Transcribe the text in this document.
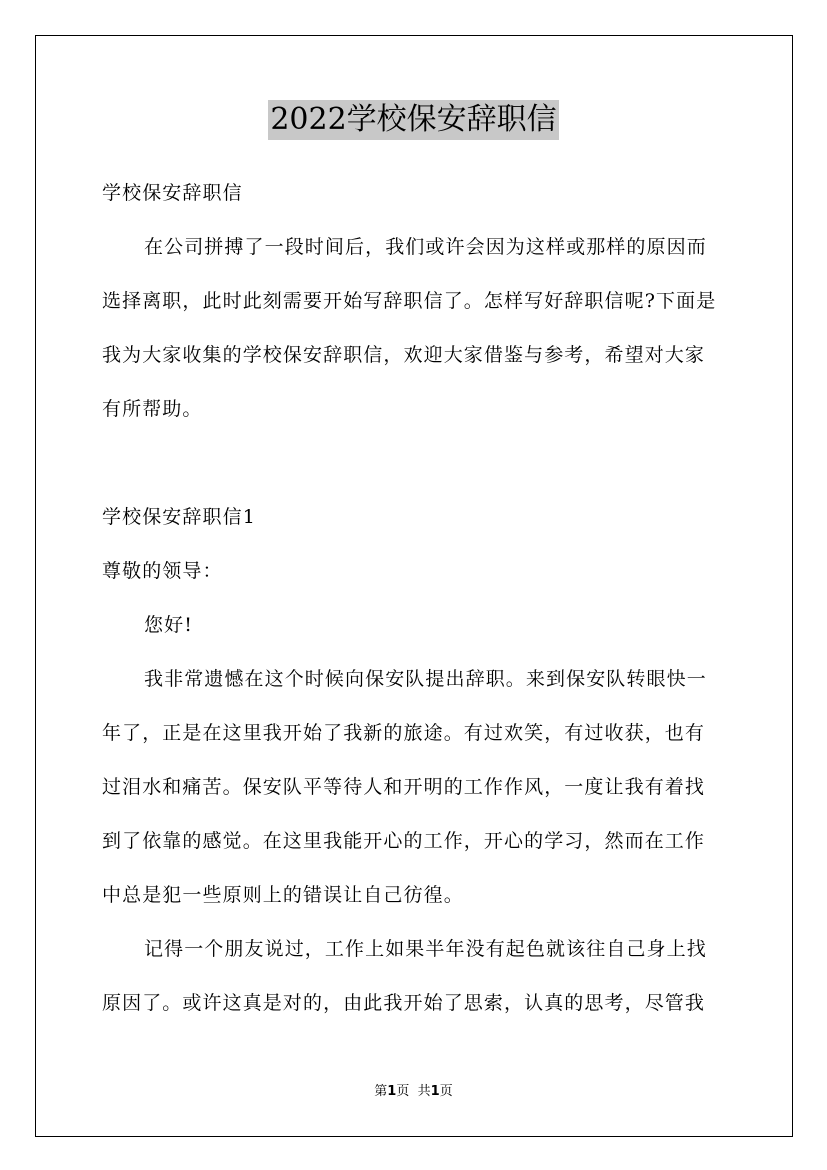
2022学校保安辞职信
学校保安辞职信
在公司拼搏了一段时间后，我们或许会因为这样或那样的原因而
选择离职，此时此刻需要开始写辞职信了。怎样写好辞职信呢?下面是
我为大家收集的学校保安辞职信，欢迎大家借鉴与参考，希望对大家
有所帮助。
学校保安辞职信1
尊敬的领导：
您好!
我非常遗憾在这个时候向保安队提出辞职。来到保安队转眼快一
年了，正是在这里我开始了我新的旅途。有过欢笑，有过收获，也有
过泪水和痛苦。保安队平等待人和开明的工作作风，一度让我有着找
到了依靠的感觉。在这里我能开心的工作，开心的学习，然而在工作
中总是犯一些原则上的错误让自己彷徨。
记得一个朋友说过，工作上如果半年没有起色就该往自己身上找
原因了。或许这真是对的，由此我开始了思索，认真的思考，尽管我
第1页 共1页
